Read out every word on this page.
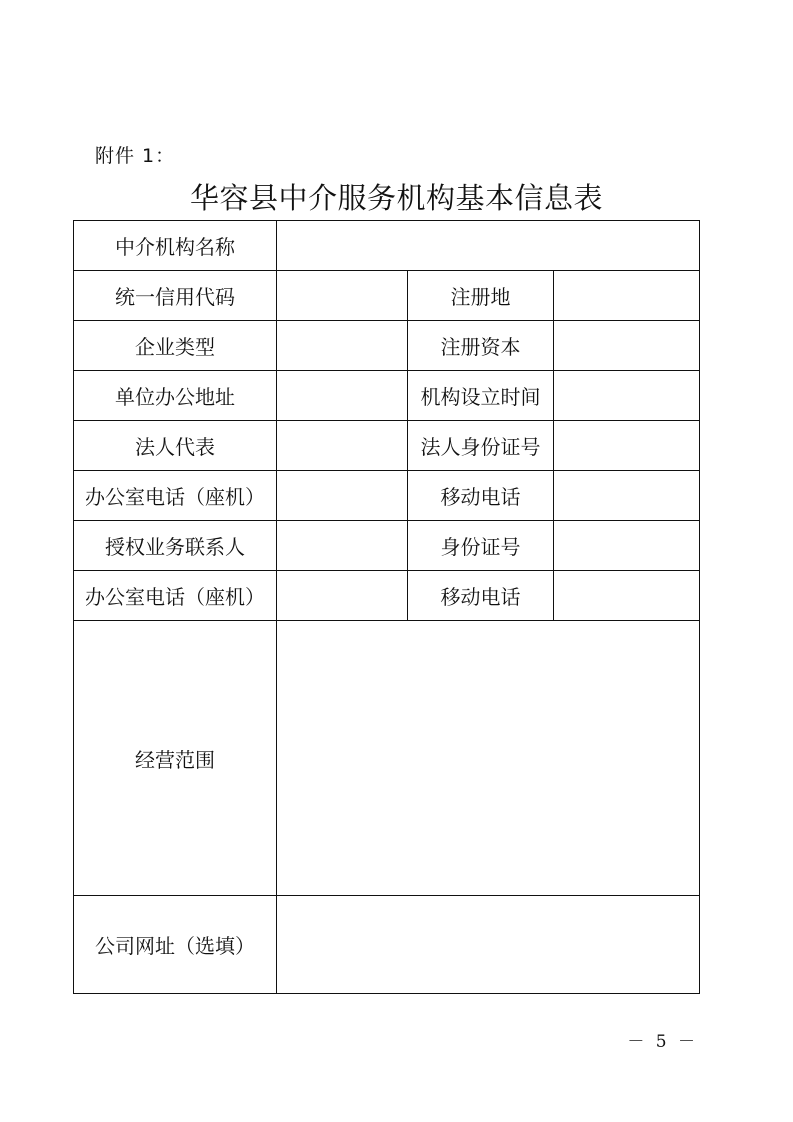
附件 1：
华容县中介服务机构基本信息表
中介机构名称			
统一信用代码		注册地	
企业类型		注册资本	
单位办公地址		机构设立时间	
法人代表		法人身份证号	
办公室电话（座机）		移动电话	
授权业务联系人		身份证号	
办公室电话（座机）		移动电话	
经营范围			
公司网址（选填）			
－ 5 －
